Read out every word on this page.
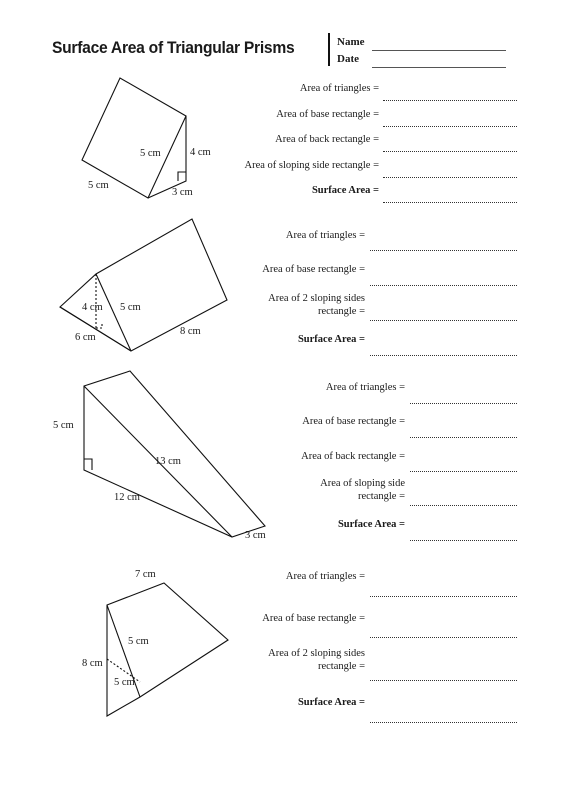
Surface Area of Triangular Prisms	Name
Date
5 cm	4 cm
5 cm
3 cm
4 cm 5 cm
6 cm
8 cm
5 cm
13 cm
12 cm
3 cm
7 cm
5 cm
8 cm
5 cm
Area of triangles =
Area of base rectangle =
Area of back rectangle =
Area of sloping side rectangle =
Surface Area =
Area of triangles =
Area of base rectangle =
Area of 2 sloping sides
rectangle =
Surface Area =
Area of triangles =
Area of base rectangle =
Area of back rectangle =
Area of sloping side
rectangle =
Surface Area =
Area of triangles =
Area of base rectangle =
Area of 2 sloping sides
rectangle =
Surface Area =
